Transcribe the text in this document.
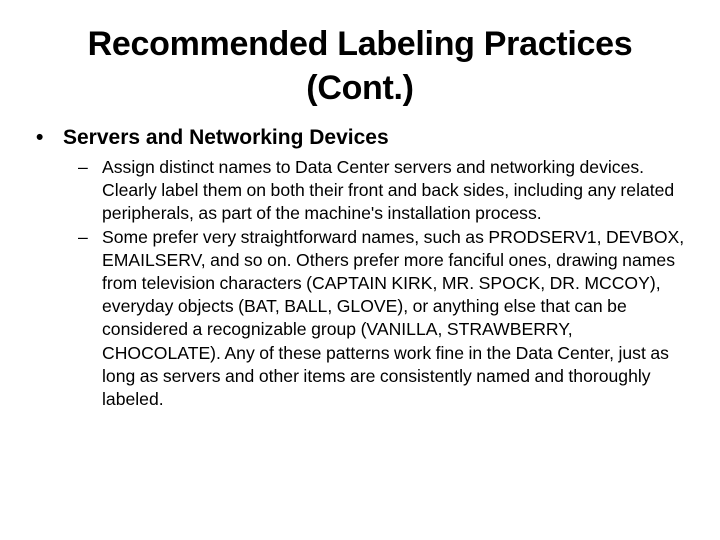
Recommended Labeling Practices
(Cont.)
• Servers and Networking Devices
– Assign distinct names to Data Center servers and networking devices. Clearly label them on both their front and back sides, including any related peripherals, as part of the machine's installation process.
– Some prefer very straightforward names, such as PRODSERV1, DEVBOX, EMAILSERV, and so on. Others prefer more fanciful ones, drawing names from television characters (CAPTAIN KIRK, MR. SPOCK, DR. MCCOY), everyday objects (BAT, BALL, GLOVE), or anything else that can be considered a recognizable group (VANILLA, STRAWBERRY, CHOCOLATE). Any of these patterns work fine in the Data Center, just as long as servers and other items are consistently named and thoroughly labeled.
